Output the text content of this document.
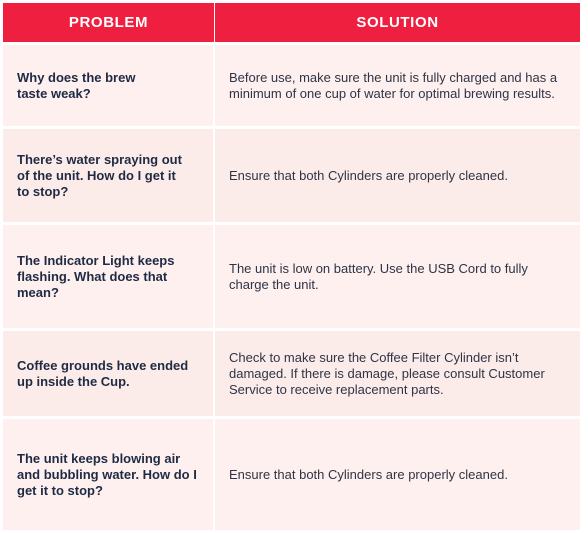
PROBLEM	SOLUTION
Why does the brew taste weak?
Before use, make sure the unit is fully charged and has a minimum of one cup of water for optimal brewing results.
There’s water spraying out of the unit. How do I get it to stop?
Ensure that both Cylinders are properly cleaned.
The Indicator Light keeps flashing. What does that mean?
The unit is low on battery. Use the USB Cord to fully charge the unit.
Coffee grounds have ended up inside the Cup.
Check to make sure the Coffee Filter Cylinder isn’t damaged. If there is damage, please consult Customer Service to receive replacement parts.
The unit keeps blowing air and bubbling water. How do I get it to stop?
Ensure that both Cylinders are properly cleaned.
